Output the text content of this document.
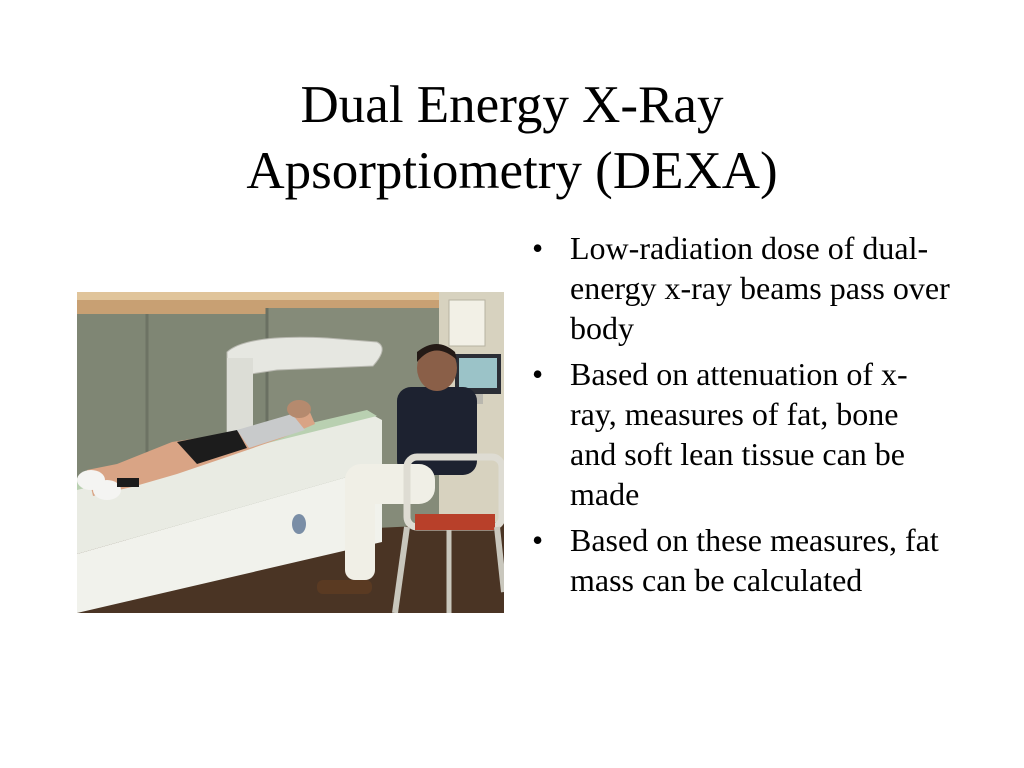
Dual Energy X-Ray
Apsorptiometry (DEXA)
• Low-radiation dose of dual-energy x-ray beams pass over body
• Based on attenuation of x-ray, measures of fat, bone and soft lean tissue can be made
• Based on these measures, fat mass can be calculated
